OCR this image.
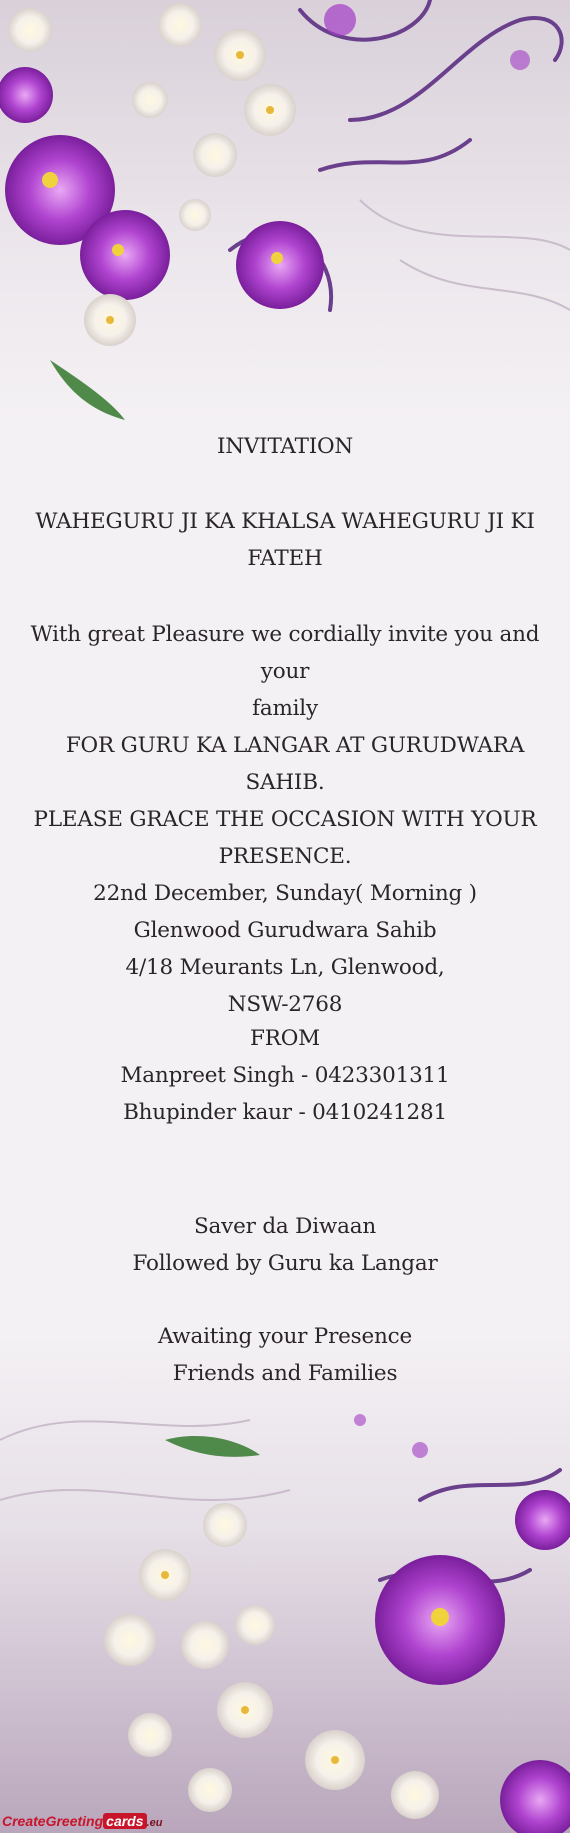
INVITATION
WAHEGURU JI KA KHALSA WAHEGURU JI KI
FATEH
With great Pleasure we cordially invite you and your
family
FOR GURU KA LANGAR AT GURUDWARA
SAHIB.
PLEASE GRACE THE OCCASION WITH YOUR
PRESENCE.
22nd December, Sunday( Morning )
Glenwood Gurudwara Sahib
4/18 Meurants Ln, Glenwood,
NSW-2768
FROM
Manpreet Singh - 0423301311
Bhupinder kaur - 0410241281
Saver da Diwaan
Followed by Guru ka Langar
Awaiting your Presence
Friends and Families
CreateGreeting cards .eu
